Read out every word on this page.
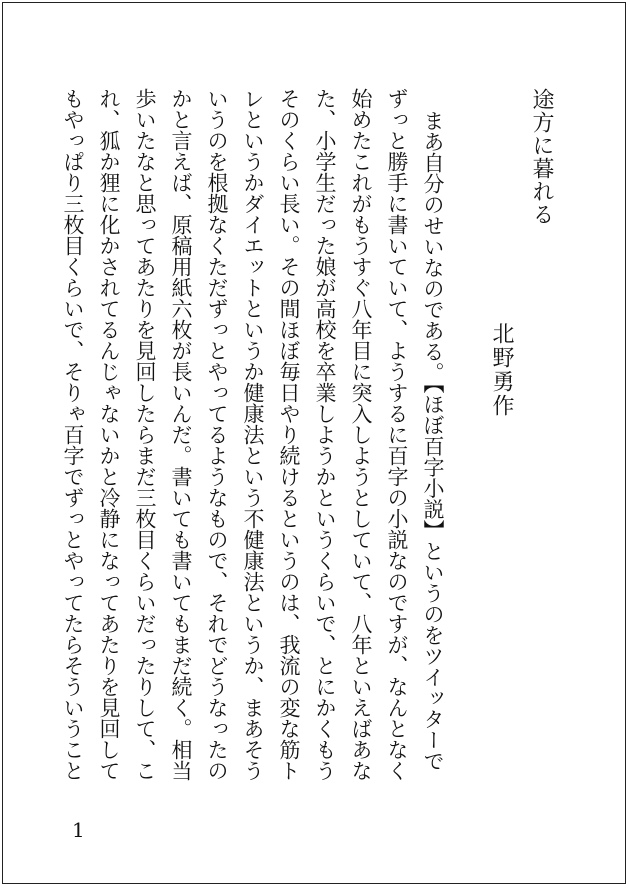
途方に暮れる
北野勇作
まあ自分のせいなのである。【ほぼ百字小説】というのをツイッターで
ずっと勝手に書いていて、ようするに百字の小説なのですが、なんとなく
始めたこれがもうすぐ八年目に突入しようとしていて、八年といえばあな
た、小学生だった娘が高校を卒業しようかというくらいで、とにかくもう
そのくらい長い。その間ほぼ毎日やり続けるというのは、我流の変な筋ト
レというかダイエットというか健康法という不健康法というか、まあそう
いうのを根拠なくただずっとやってるようなもので、それでどうなったの
かと言えば、原稿用紙六枚が長いんだ。書いても書いてもまだ続く。相当
歩いたなと思ってあたりを見回したらまだ三枚目くらいだったりして、こ
れ、狐か狸に化かされてるんじゃないかと冷静になってあたりを見回して
もやっぱり三枚目くらいで、そりゃ百字でずっとやってたらそういうこと
1
